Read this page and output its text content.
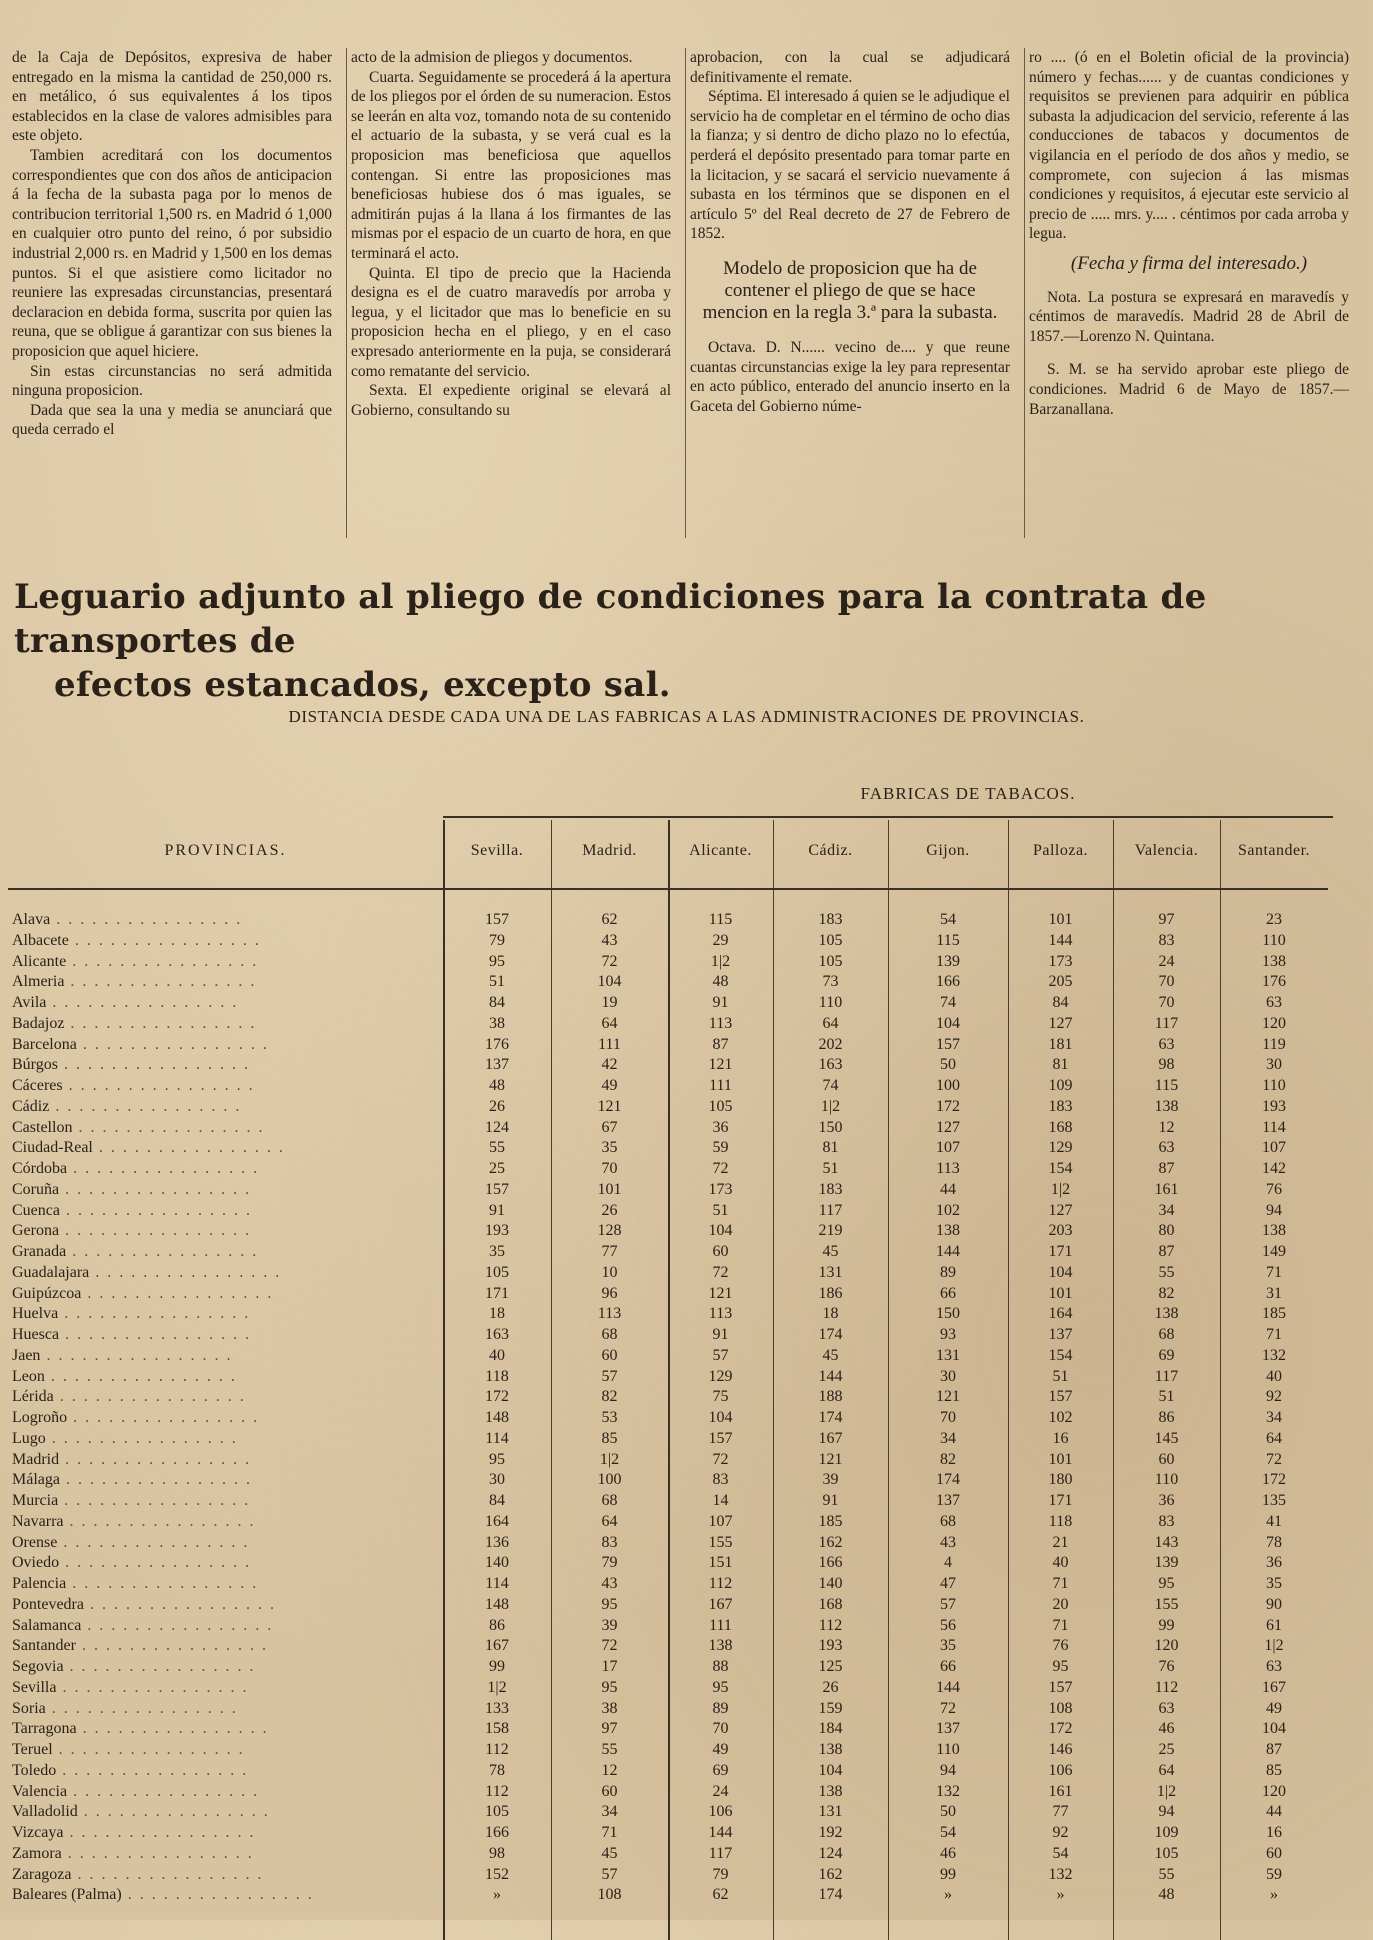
de la Caja de Depósitos, expresiva de haber entregado en la misma la cantidad de 250,000 rs. en metálico, ó sus equivalentes á los tipos establecidos en la clase de valores admisibles para este objeto.

Tambien acreditará con los documentos correspondientes que con dos años de anticipacion á la fecha de la subasta paga por lo menos de contribucion territorial 1,500 rs. en Madrid ó 1,000 en cualquier otro punto del reino, ó por subsidio industrial 2,000 rs. en Madrid y 1,500 en los demas puntos. Si el que asistiere como licitador no reuniere las expresadas circunstancias, presentará declaracion en debida forma, suscrita por quien las reuna, que se obligue á garantizar con sus bienes la proposicion que aquel hiciere.

Sin estas circunstancias no será admitida ninguna proposicion.

Dada que sea la una y media se anunciará que queda cerrado el

acto de la admision de pliegos y documentos.

Cuarta. Seguidamente se procederá á la apertura de los pliegos por el órden de su numeracion. Estos se leerán en alta voz, tomando nota de su contenido el actuario de la subasta, y se verá cual es la proposicion mas beneficiosa que aquellos contengan. Si entre las proposiciones mas beneficiosas hubiese dos ó mas iguales, se admitirán pujas á la llana á los firmantes de las mismas por el espacio de un cuarto de hora, en que terminará el acto.

Quinta. El tipo de precio que la Hacienda designa es el de cuatro maravedís por arroba y legua, y el licitador que mas lo beneficie en su proposicion hecha en el pliego, y en el caso expresado anteriormente en la puja, se considerará como rematante del servicio.

Sexta. El expediente original se elevará al Gobierno, consultando su

aprobacion, con la cual se adjudicará definitivamente el remate.

Séptima. El interesado á quien se le adjudique el servicio ha de completar en el término de ocho dias la fianza; y si dentro de dicho plazo no lo efectúa, perderá el depósito presentado para tomar parte en la licitacion, y se sacará el servicio nuevamente á subasta en los términos que se disponen en el artículo 5º del Real decreto de 27 de Febrero de 1852.

Modelo de proposicion que ha de contener el pliego de que se hace mencion en la regla 3.ª para la subasta.

Octava. D. N...... vecino de.... y que reune cuantas circunstancias exige la ley para representar en acto público, enterado del anuncio inserto en la Gaceta del Gobierno núme-

ro .... (ó en el Boletin oficial de la provincia) número y fechas...... y de cuantas condiciones y requisitos se previenen para adquirir en pública subasta la adjudicacion del servicio, referente á las conducciones de tabacos y documentos de vigilancia en el período de dos años y medio, se compromete, con sujecion á las mismas condiciones y requisitos, á ejecutar este servicio al precio de ..... mrs. y.... . céntimos por cada arroba y legua.

(Fecha y firma del interesado.)

Nota. La postura se expresará en maravedís y céntimos de maravedís. Madrid 28 de Abril de 1857.—Lorenzo N. Quintana.

S. M. se ha servido aprobar este pliego de condiciones. Madrid 6 de Mayo de 1857.—Barzanallana.

Leguario adjunto al pliego de condiciones para la contrata de transportes de
efectos estancados, excepto sal.
DISTANCIA DESDE CADA UNA DE LAS FABRICAS A LAS ADMINISTRACIONES DE PROVINCIAS.
FABRICAS DE TABACOS.
PROVINCIAS.	Sevilla.	Madrid.	Alicante.	Cádiz.	Gijon.	Palloza.	Valencia.	Santander.
Alava . .	157	62	115	183	54	101	97	23
Albacete . .	79	43	29	105	115	144	83	110
Alicante . .	95	72	1|2	105	139	173	24	138
Almeria . .	51	104	48	73	166	205	70	176
Avila . .	84	19	91	110	74	84	70	63
Badajoz . .	38	64	113	64	104	127	117	120
Barcelona . .	176	111	87	202	157	181	63	119
Búrgos . .	137	42	121	163	50	81	98	30
Cáceres . .	48	49	111	74	100	109	115	110
Cádiz . .	26	121	105	1|2	172	183	138	193
Castellon . .	124	67	36	150	127	168	12	114
Ciudad-Real . .	55	35	59	81	107	129	63	107
Córdoba . .	25	70	72	51	113	154	87	142
Coruña . .	157	101	173	183	44	1|2	161	76
Cuenca . .	91	26	51	117	102	127	34	94
Gerona . .	193	128	104	219	138	203	80	138
Granada . .	35	77	60	45	144	171	87	149
Guadalajara . .	105	10	72	131	89	104	55	71
Guipúzcoa . .	171	96	121	186	66	101	82	31
Huelva . .	18	113	113	18	150	164	138	185
Huesca . .	163	68	91	174	93	137	68	71
Jaen . .	40	60	57	45	131	154	69	132
Leon . .	118	57	129	144	30	51	117	40
Lérida . .	172	82	75	188	121	157	51	92
Logroño . .	148	53	104	174	70	102	86	34
Lugo . .	114	85	157	167	34	16	145	64
Madrid . .	95	1|2	72	121	82	101	60	72
Málaga . .	30	100	83	39	174	180	110	172
Murcia . .	84	68	14	91	137	171	36	135
Navarra . .	164	64	107	185	68	118	83	41
Orense . .	136	83	155	162	43	21	143	78
Oviedo . .	140	79	151	166	4	40	139	36
Palencia . .	114	43	112	140	47	71	95	35
Pontevedra . .	148	95	167	168	57	20	155	90
Salamanca . .	86	39	111	112	56	71	99	61
Santander . .	167	72	138	193	35	76	120	1|2
Segovia . .	99	17	88	125	66	95	76	63
Sevilla . .	1|2	95	95	26	144	157	112	167
Soria . .	133	38	89	159	72	108	63	49
Tarragona . .	158	97	70	184	137	172	46	104
Teruel . .	112	55	49	138	110	146	25	87
Toledo . .	78	12	69	104	94	106	64	85
Valencia . .	112	60	24	138	132	161	1|2	120
Valladolid . .	105	34	106	131	50	77	94	44
Vizcaya . .	166	71	144	192	54	92	109	16
Zamora . .	98	45	117	124	46	54	105	60
Zaragoza . .	152	57	79	162	99	132	55	59
Baleares (Palma) . .	»	108	62	174	»	»	48	»
